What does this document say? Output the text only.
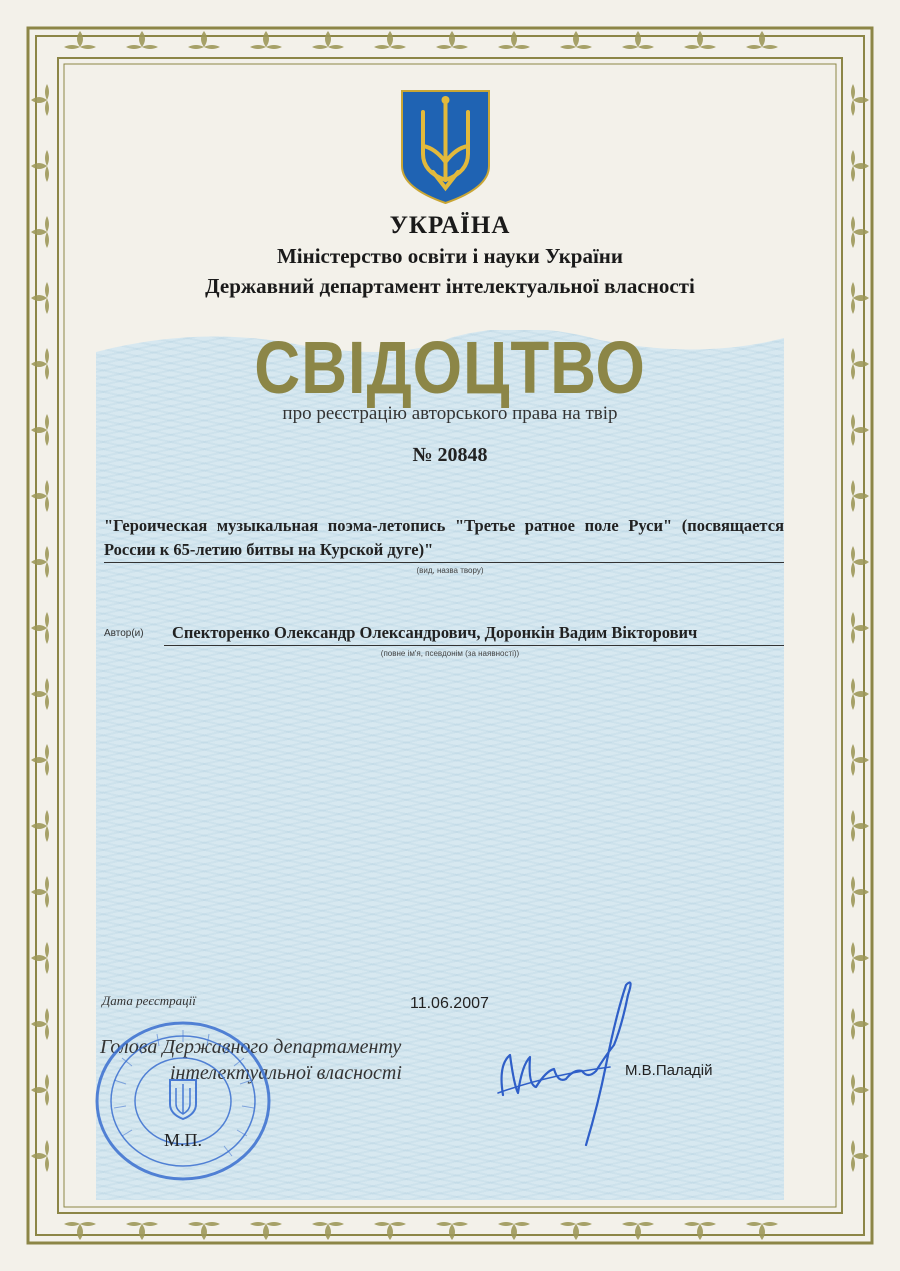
УКРАЇНА
Міністерство освіти і науки України
Державний департамент інтелектуальної власності
СВІДОЦТВО
про реєстрацію авторського права на твір
№ 20848
"Героическая музыкальная поэма-летопись "Третье ратное поле Руси" (посвящается России к 65-летию битвы на Курской дуге)"
(вид, назва твору)
Автор(и) Спекторенко Олександр Олександрович, Доронкін Вадим Вікторович
(повне ім'я, псевдонім (за наявності))
Дата реєстрації	11.06.2007
Голова Державного департаменту
інтелектуальної власності	М.В.Паладій
М.П.
